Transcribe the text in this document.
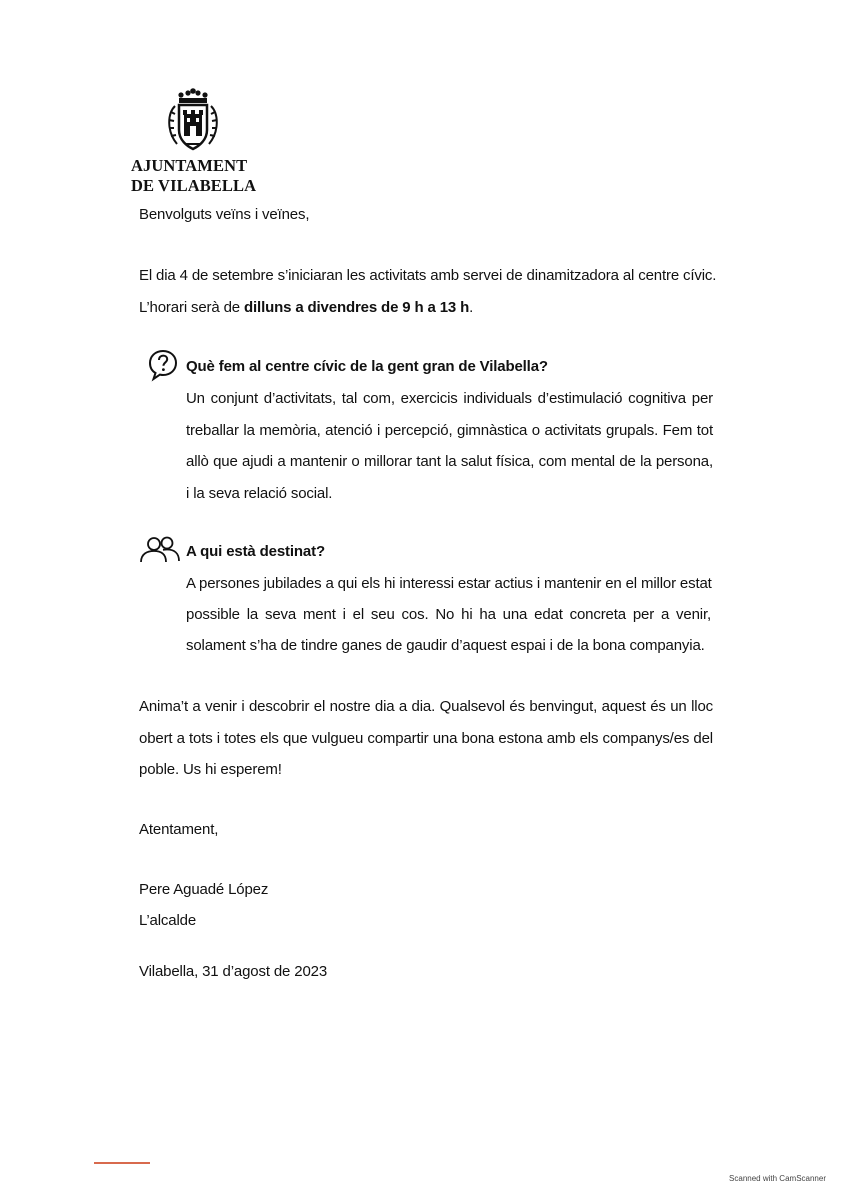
AJUNTAMENT
DE VILABELLA
Benvolguts veïns i veïnes,
El dia 4 de setembre s’iniciaran les activitats amb servei de dinamitzadora al centre cívic.
L’horari serà de dilluns a divendres de 9 h a 13 h.
Què fem al centre cívic de la gent gran de Vilabella?
Un conjunt d’activitats, tal com, exercicis individuals d’estimulació cognitiva per
treballar la memòria, atenció i percepció, gimnàstica o activitats grupals. Fem tot
allò que ajudi a mantenir o millorar tant la salut física, com mental de la persona,
i la seva relació social.
A qui està destinat?
A persones jubilades a qui els hi interessi estar actius i mantenir en el millor estat
possible la seva ment i el seu cos. No hi ha una edat concreta per a venir,
solament s’ha de tindre ganes de gaudir d’aquest espai i de la bona companyia.
Anima’t a venir i descobrir el nostre dia a dia. Qualsevol és benvingut, aquest és un lloc
obert a tots i totes els que vulgueu compartir una bona estona amb els companys/es del
poble. Us hi esperem!
Atentament,
Pere Aguadé López
L’alcalde
Vilabella, 31 d’agost de 2023
Scanned with CamScanner
